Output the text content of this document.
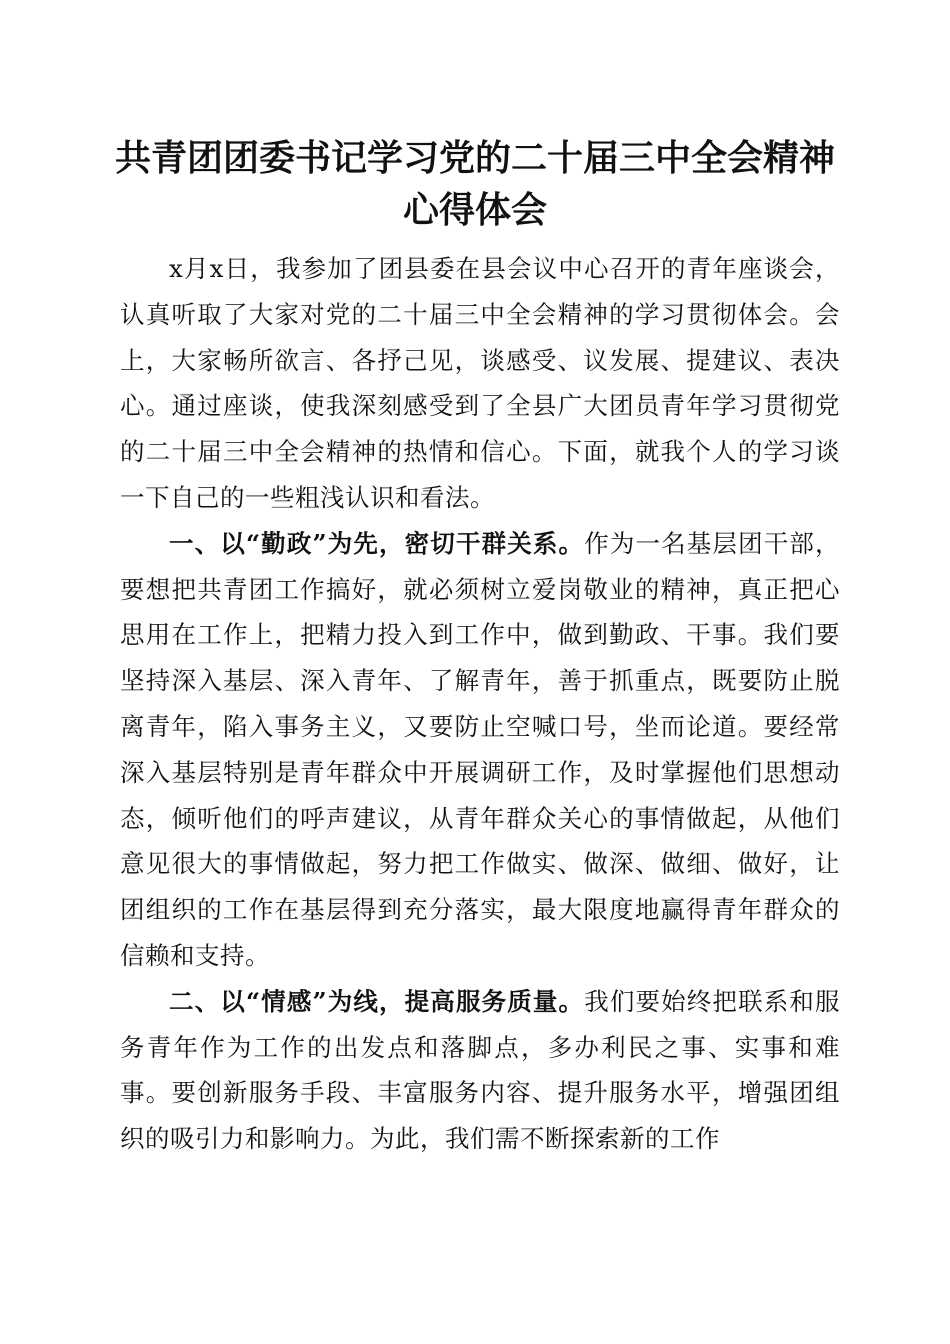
共青团团委书记学习党的二十届三中全会精神
心得体会

x月x日，我参加了团县委在县会议中心召开的青年座谈会，认真听取了大家对党的二十届三中全会精神的学习贯彻体会。会上，大家畅所欲言、各抒己见，谈感受、议发展、提建议、表决心。通过座谈，使我深刻感受到了全县广大团员青年学习贯彻党的二十届三中全会精神的热情和信心。下面，就我个人的学习谈一下自己的一些粗浅认识和看法。

一、以“勤政”为先，密切干群关系。作为一名基层团干部，要想把共青团工作搞好，就必须树立爱岗敬业的精神，真正把心思用在工作上，把精力投入到工作中，做到勤政、干事。我们要坚持深入基层、深入青年、了解青年，善于抓重点，既要防止脱离青年，陷入事务主义，又要防止空喊口号，坐而论道。要经常深入基层特别是青年群众中开展调研工作，及时掌握他们思想动态，倾听他们的呼声建议，从青年群众关心的事情做起，从他们意见很大的事情做起，努力把工作做实、做深、做细、做好，让团组织的工作在基层得到充分落实，最大限度地赢得青年群众的信赖和支持。

二、以“情感”为线，提高服务质量。我们要始终把联系和服务青年作为工作的出发点和落脚点，多办利民之事、实事和难事。要创新服务手段、丰富服务内容、提升服务水平，增强团组织的吸引力和影响力。为此，我们需不断探索新的工作
